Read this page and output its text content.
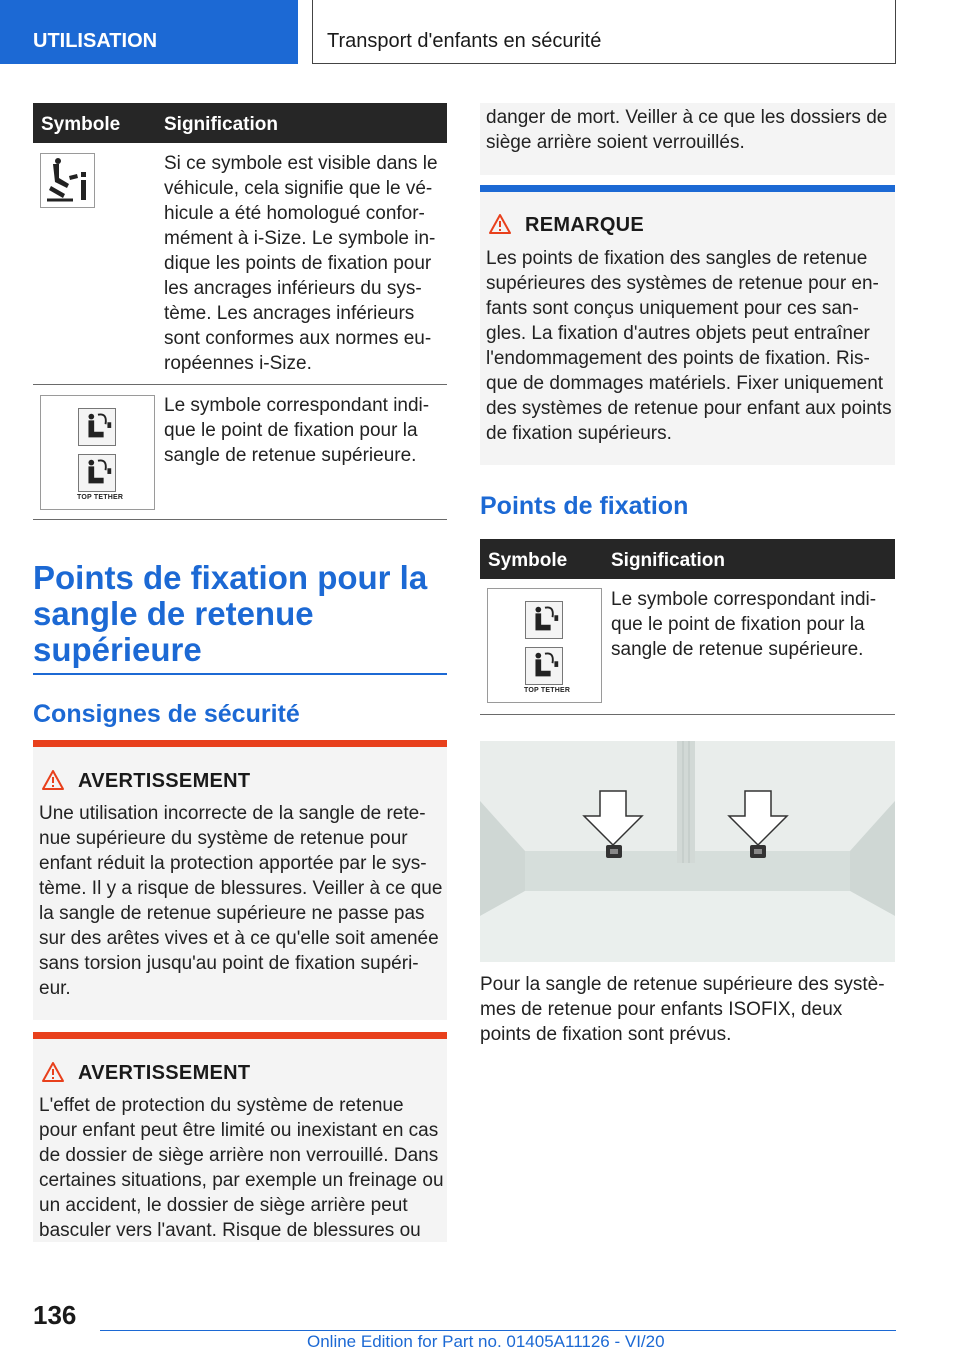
UTILISATION	Transport d'enfants en sécurité
Symbole Signification
Si ce symbole est visible dans le véhicule, cela signifie que le vé-
hicule a été homologué confor-
mément à i-Size. Le symbole in-
dique les points de fixation pour les ancrages inférieurs du sys-
tème. Les ancrages inférieurs sont conformes aux normes eu-
ropéennes i-Size.
TOP TETHER
Le symbole correspondant indi-
que le point de fixation pour la sangle de retenue supérieure.
Points de fixation pour la sangle de retenue supérieure
Consignes de sécurité
AVERTISSEMENT
Une utilisation incorrecte de la sangle de rete-
nue supérieure du système de retenue pour enfant réduit la protection apportée par le sys-
tème. Il y a risque de blessures. Veiller à ce que la sangle de retenue supérieure ne passe pas sur des arêtes vives et à ce qu'elle soit amenée sans torsion jusqu'au point de fixation supéri-
eur.
AVERTISSEMENT
L'effet de protection du système de retenue pour enfant peut être limité ou inexistant en cas de dossier de siège arrière non verrouillé. Dans certaines situations, par exemple un freinage ou un accident, le dossier de siège arrière peut basculer vers l'avant. Risque de blessures ou
danger de mort. Veiller à ce que les dossiers de siège arrière soient verrouillés.
REMARQUE
Les points de fixation des sangles de retenue supérieures des systèmes de retenue pour en-
fants sont conçus uniquement pour ces san-
gles. La fixation d'autres objets peut entraîner l'endommagement des points de fixation. Ris-
que de dommages matériels. Fixer uniquement des systèmes de retenue pour enfant aux points de fixation supérieurs.
Points de fixation
Symbole Signification
TOP TETHER
Le symbole correspondant indi-
que le point de fixation pour la sangle de retenue supérieure.
Pour la sangle de retenue supérieure des systè-
mes de retenue pour enfants ISOFIX, deux points de fixation sont prévus.
136
Online Edition for Part no. 01405A11126 - VI/20
